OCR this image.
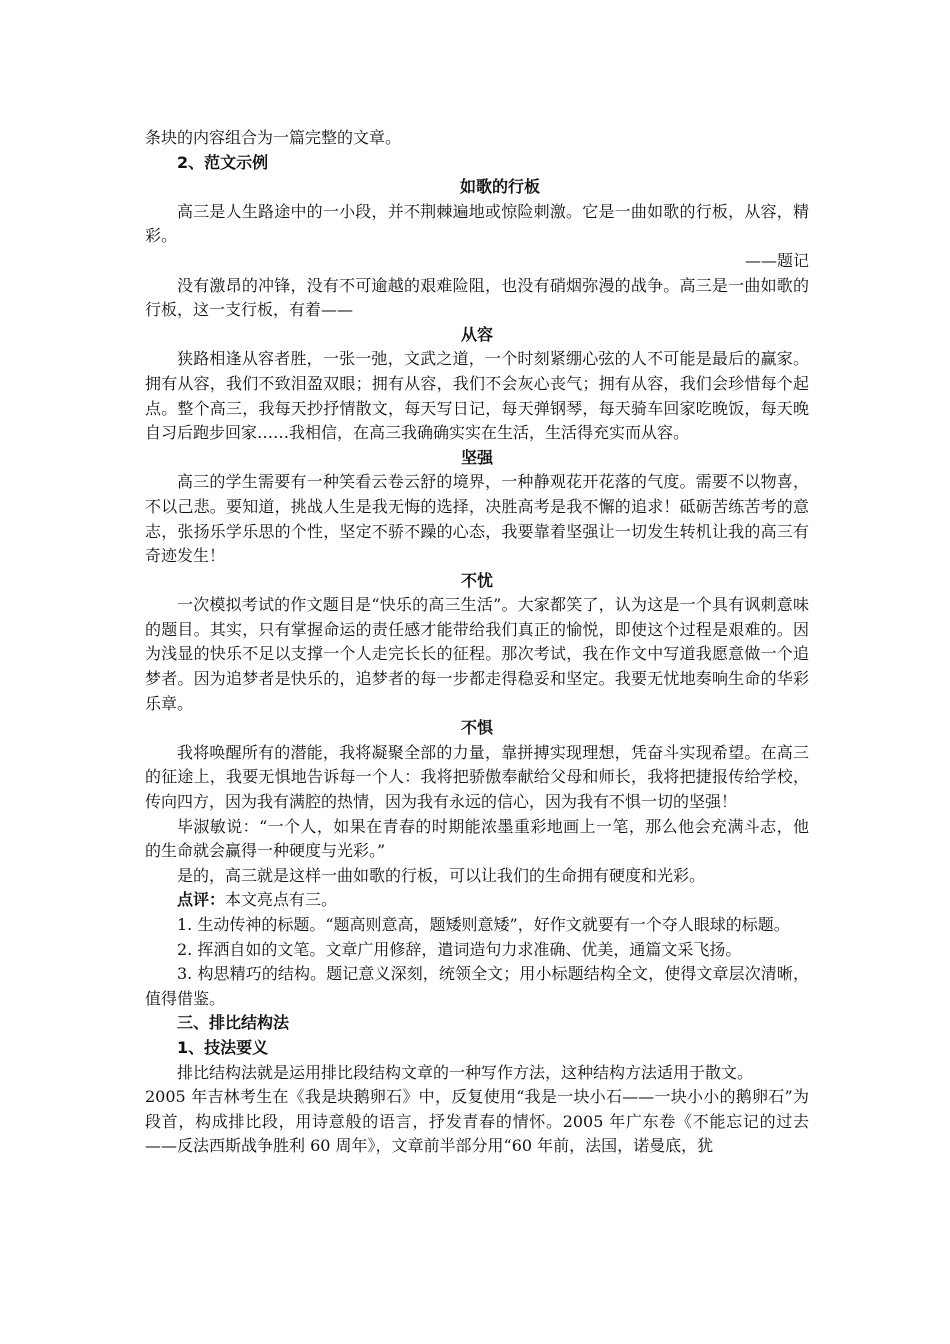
条块的内容组合为一篇完整的文章。

2、范文示例

如歌的行板

高三是人生路途中的一小段，并不荆棘遍地或惊险刺激。它是一曲如歌的行板，从容，精彩。

——题记

没有激昂的冲锋，没有不可逾越的艰难险阻，也没有硝烟弥漫的战争。高三是一曲如歌的行板，这一支行板，有着——

从容

狭路相逢从容者胜，一张一弛，文武之道，一个时刻紧绷心弦的人不可能是最后的赢家。拥有从容，我们不致泪盈双眼；拥有从容，我们不会灰心丧气；拥有从容，我们会珍惜每个起点。整个高三，我每天抄抒情散文，每天写日记，每天弹钢琴，每天骑车回家吃晚饭，每天晚自习后跑步回家……我相信，在高三我确确实实在生活，生活得充实而从容。

坚强

高三的学生需要有一种笑看云卷云舒的境界，一种静观花开花落的气度。需要不以物喜，不以己悲。要知道，挑战人生是我无悔的选择，决胜高考是我不懈的追求！砥砺苦练苦考的意志，张扬乐学乐思的个性，坚定不骄不躁的心态，我要靠着坚强让一切发生转机让我的高三有奇迹发生！

不忧

一次模拟考试的作文题目是“快乐的高三生活”。大家都笑了，认为这是一个具有讽刺意味的题目。其实，只有掌握命运的责任感才能带给我们真正的愉悦，即使这个过程是艰难的。因为浅显的快乐不足以支撑一个人走完长长的征程。那次考试，我在作文中写道我愿意做一个追梦者。因为追梦者是快乐的，追梦者的每一步都走得稳妥和坚定。我要无忧地奏响生命的华彩乐章。

不惧

我将唤醒所有的潜能，我将凝聚全部的力量，靠拼搏实现理想，凭奋斗实现希望。在高三的征途上，我要无惧地告诉每一个人：我将把骄傲奉献给父母和师长，我将把捷报传给学校，传向四方，因为我有满腔的热情，因为我有永远的信心，因为我有不惧一切的坚强！

毕淑敏说：“一个人，如果在青春的时期能浓墨重彩地画上一笔，那么他会充满斗志，他的生命就会赢得一种硬度与光彩。”

是的，高三就是这样一曲如歌的行板，可以让我们的生命拥有硬度和光彩。

点评：本文亮点有三。

1. 生动传神的标题。“题高则意高，题矮则意矮”，好作文就要有一个夺人眼球的标题。

2. 挥洒自如的文笔。文章广用修辞，遣词造句力求准确、优美，通篇文采飞扬。

3. 构思精巧的结构。题记意义深刻，统领全文；用小标题结构全文，使得文章层次清晰，值得借鉴。

三、排比结构法

1、技法要义

排比结构法就是运用排比段结构文章的一种写作方法，这种结构方法适用于散文。

2005 年吉林考生在《我是块鹅卵石》中，反复使用“我是一块小石——一块小小的鹅卵石”为段首，构成排比段，用诗意般的语言，抒发青春的情怀。2005 年广东卷《不能忘记的过去——反法西斯战争胜利 60 周年》，文章前半部分用“60 年前，法国，诺曼底，犹
